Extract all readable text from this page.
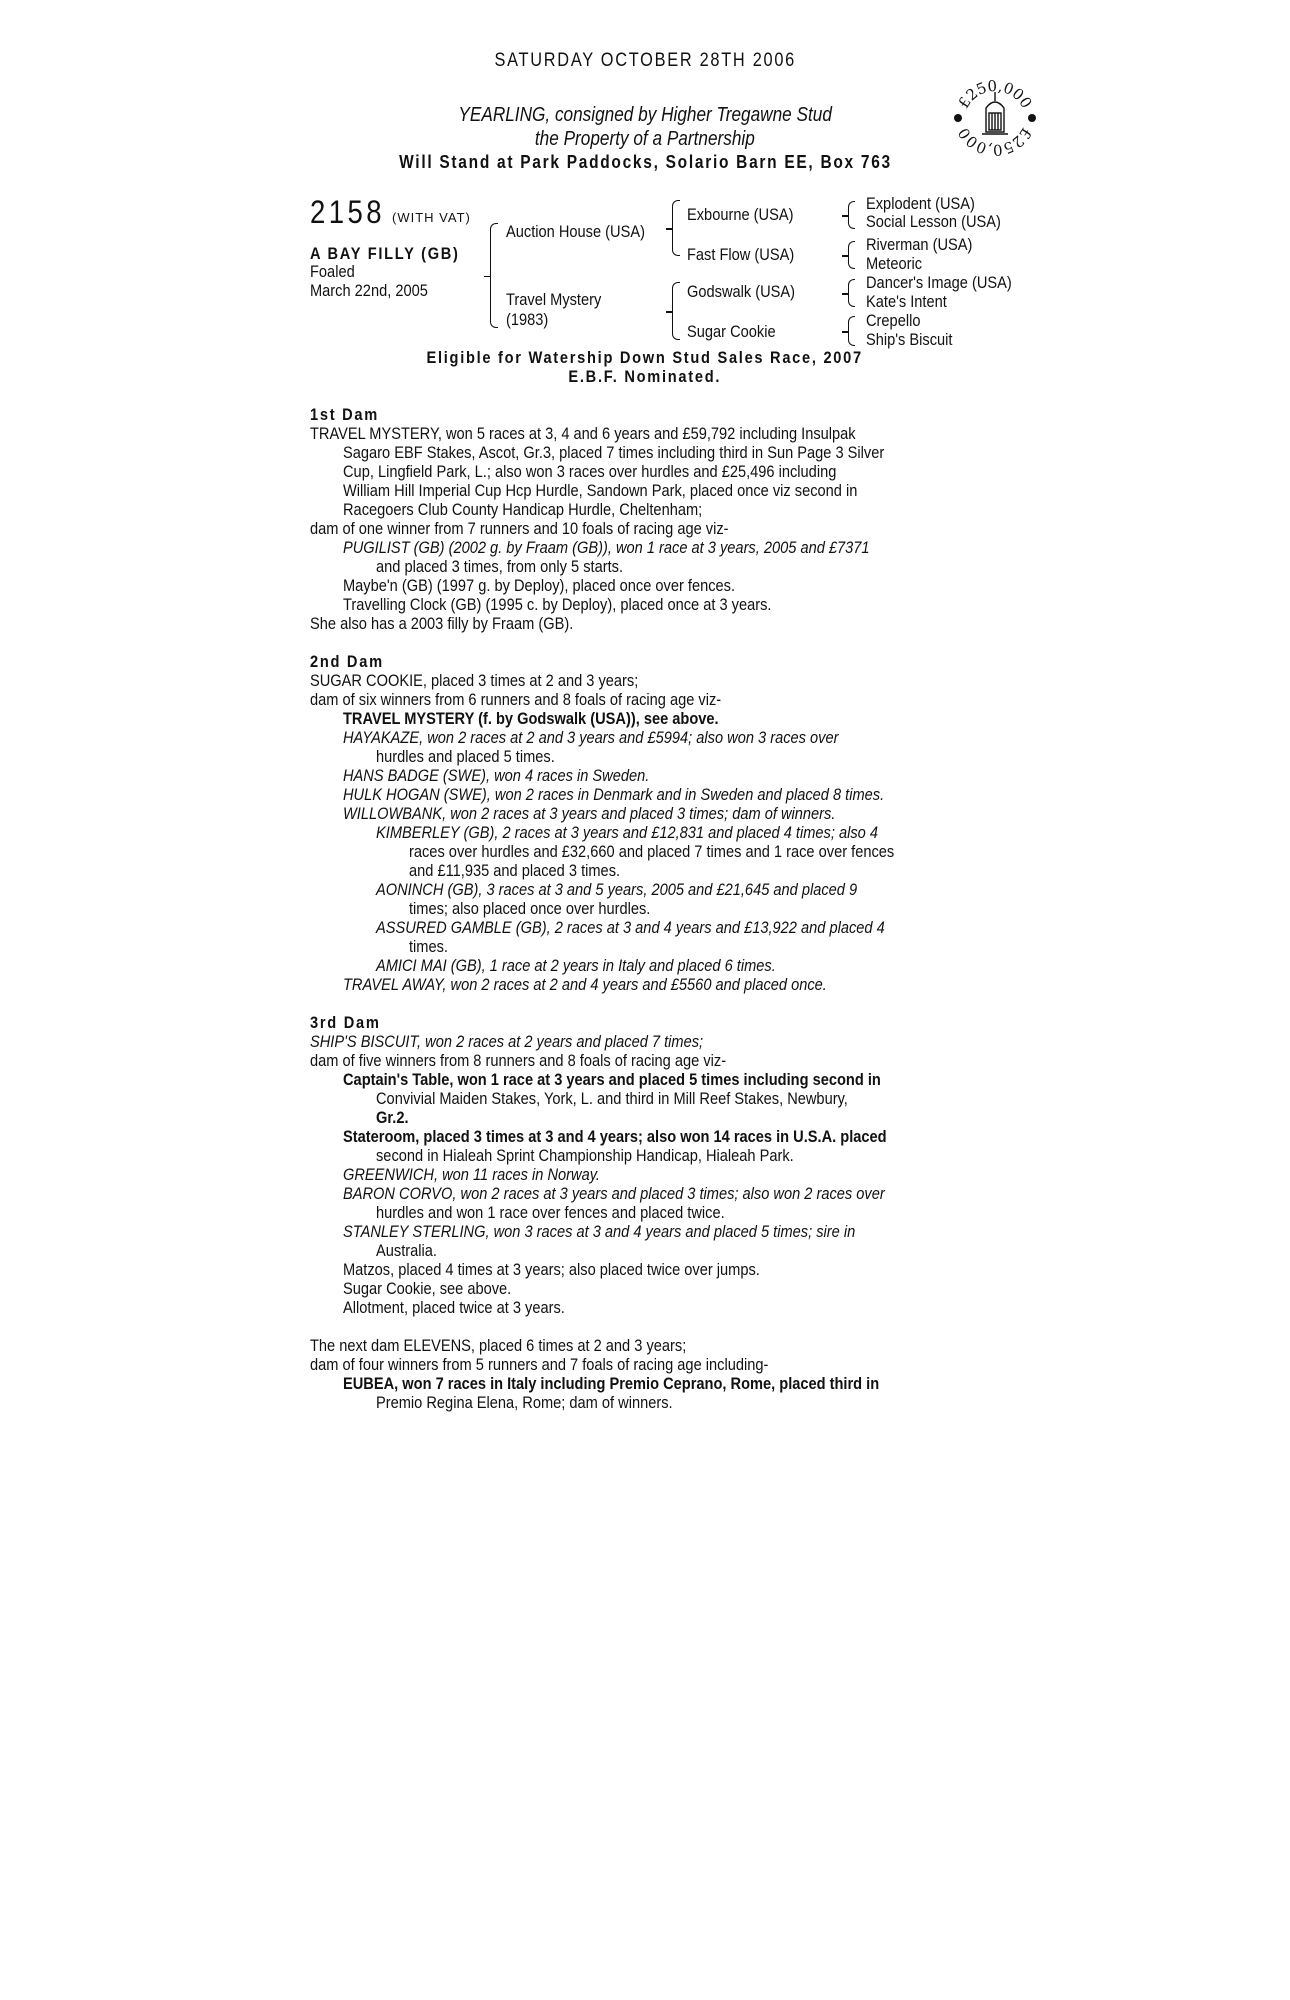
SATURDAY OCTOBER 28TH 2006
YEARLING, consigned by Higher Tregawne Stud
the Property of a Partnership
Will Stand at Park Paddocks, Solario Barn EE, Box 763
£250,000
£250,000
2158 (WITH VAT)
A BAY FILLY (GB)
Foaled
March 22nd, 2005
Auction House (USA)
Travel Mystery
(1983)
Exbourne (USA)
Fast Flow (USA)
Godswalk (USA)
Sugar Cookie
Explodent (USA)
Social Lesson (USA)
Riverman (USA)
Meteoric
Dancer's Image (USA)
Kate's Intent
Crepello
Ship's Biscuit
Eligible for Watership Down Stud Sales Race, 2007
E.B.F. Nominated.
1st Dam
TRAVEL MYSTERY, won 5 races at 3, 4 and 6 years and £59,792 including Insulpak
Sagaro EBF Stakes, Ascot, Gr.3, placed 7 times including third in Sun Page 3 Silver
Cup, Lingfield Park, L.; also won 3 races over hurdles and £25,496 including
William Hill Imperial Cup Hcp Hurdle, Sandown Park, placed once viz second in
Racegoers Club County Handicap Hurdle, Cheltenham;
dam of one winner from 7 runners and 10 foals of racing age viz-
PUGILIST (GB) (2002 g. by Fraam (GB)), won 1 race at 3 years, 2005 and £7371
and placed 3 times, from only 5 starts.
Maybe'n (GB) (1997 g. by Deploy), placed once over fences.
Travelling Clock (GB) (1995 c. by Deploy), placed once at 3 years.
She also has a 2003 filly by Fraam (GB).
2nd Dam
SUGAR COOKIE, placed 3 times at 2 and 3 years;
dam of six winners from 6 runners and 8 foals of racing age viz-
TRAVEL MYSTERY (f. by Godswalk (USA)), see above.
HAYAKAZE, won 2 races at 2 and 3 years and £5994; also won 3 races over
hurdles and placed 5 times.
HANS BADGE (SWE), won 4 races in Sweden.
HULK HOGAN (SWE), won 2 races in Denmark and in Sweden and placed 8 times.
WILLOWBANK, won 2 races at 3 years and placed 3 times; dam of winners.
KIMBERLEY (GB), 2 races at 3 years and £12,831 and placed 4 times; also 4
races over hurdles and £32,660 and placed 7 times and 1 race over fences
and £11,935 and placed 3 times.
AONINCH (GB), 3 races at 3 and 5 years, 2005 and £21,645 and placed 9
times; also placed once over hurdles.
ASSURED GAMBLE (GB), 2 races at 3 and 4 years and £13,922 and placed 4
times.
AMICI MAI (GB), 1 race at 2 years in Italy and placed 6 times.
TRAVEL AWAY, won 2 races at 2 and 4 years and £5560 and placed once.
3rd Dam
SHIP'S BISCUIT, won 2 races at 2 years and placed 7 times;
dam of five winners from 8 runners and 8 foals of racing age viz-
Captain's Table, won 1 race at 3 years and placed 5 times including second in
Convivial Maiden Stakes, York, L. and third in Mill Reef Stakes, Newbury,
Gr.2.
Stateroom, placed 3 times at 3 and 4 years; also won 14 races in U.S.A. placed
second in Hialeah Sprint Championship Handicap, Hialeah Park.
GREENWICH, won 11 races in Norway.
BARON CORVO, won 2 races at 3 years and placed 3 times; also won 2 races over
hurdles and won 1 race over fences and placed twice.
STANLEY STERLING, won 3 races at 3 and 4 years and placed 5 times; sire in
Australia.
Matzos, placed 4 times at 3 years; also placed twice over jumps.
Sugar Cookie, see above.
Allotment, placed twice at 3 years.
The next dam ELEVENS, placed 6 times at 2 and 3 years;
dam of four winners from 5 runners and 7 foals of racing age including-
EUBEA, won 7 races in Italy including Premio Ceprano, Rome, placed third in
Premio Regina Elena, Rome; dam of winners.
